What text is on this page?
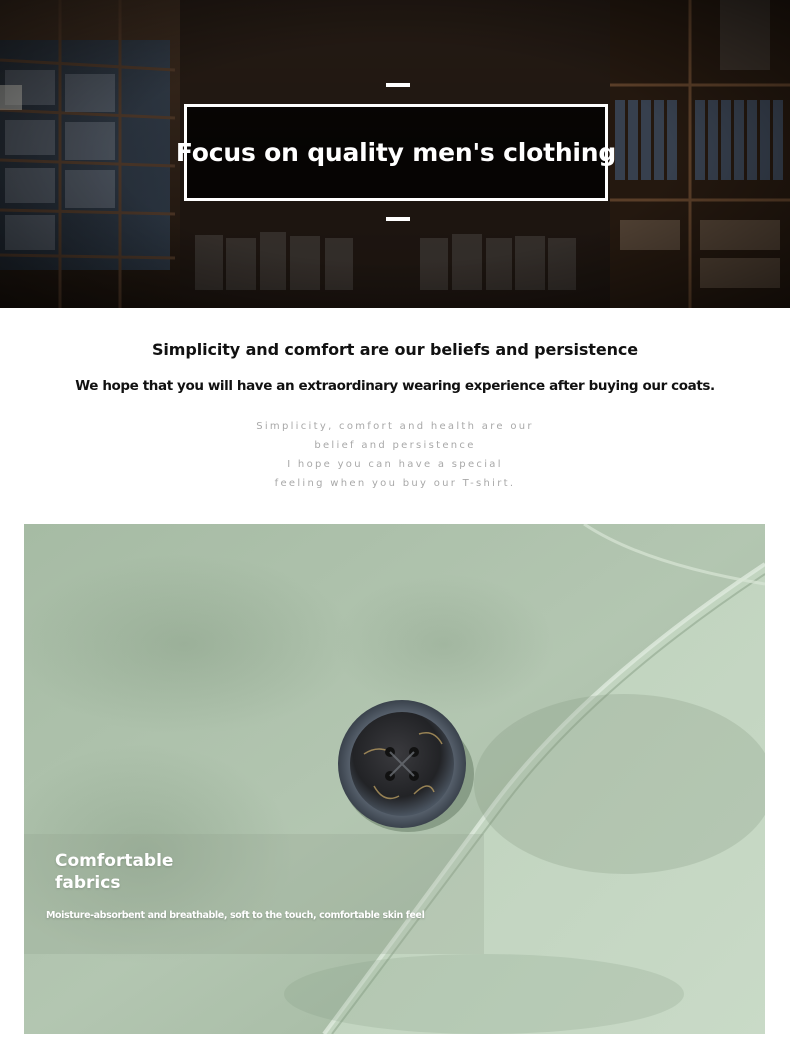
Focus on quality men's clothing
Simplicity and comfort are our beliefs and persistence
We hope that you will have an extraordinary wearing experience after buying our coats.
Simplicity, comfort and health are our
belief and persistence
I hope you can have a special
feeling when you buy our T-shirt.
Comfortable
fabrics
Moisture-absorbent and breathable, soft to the touch, comfortable skin feel
